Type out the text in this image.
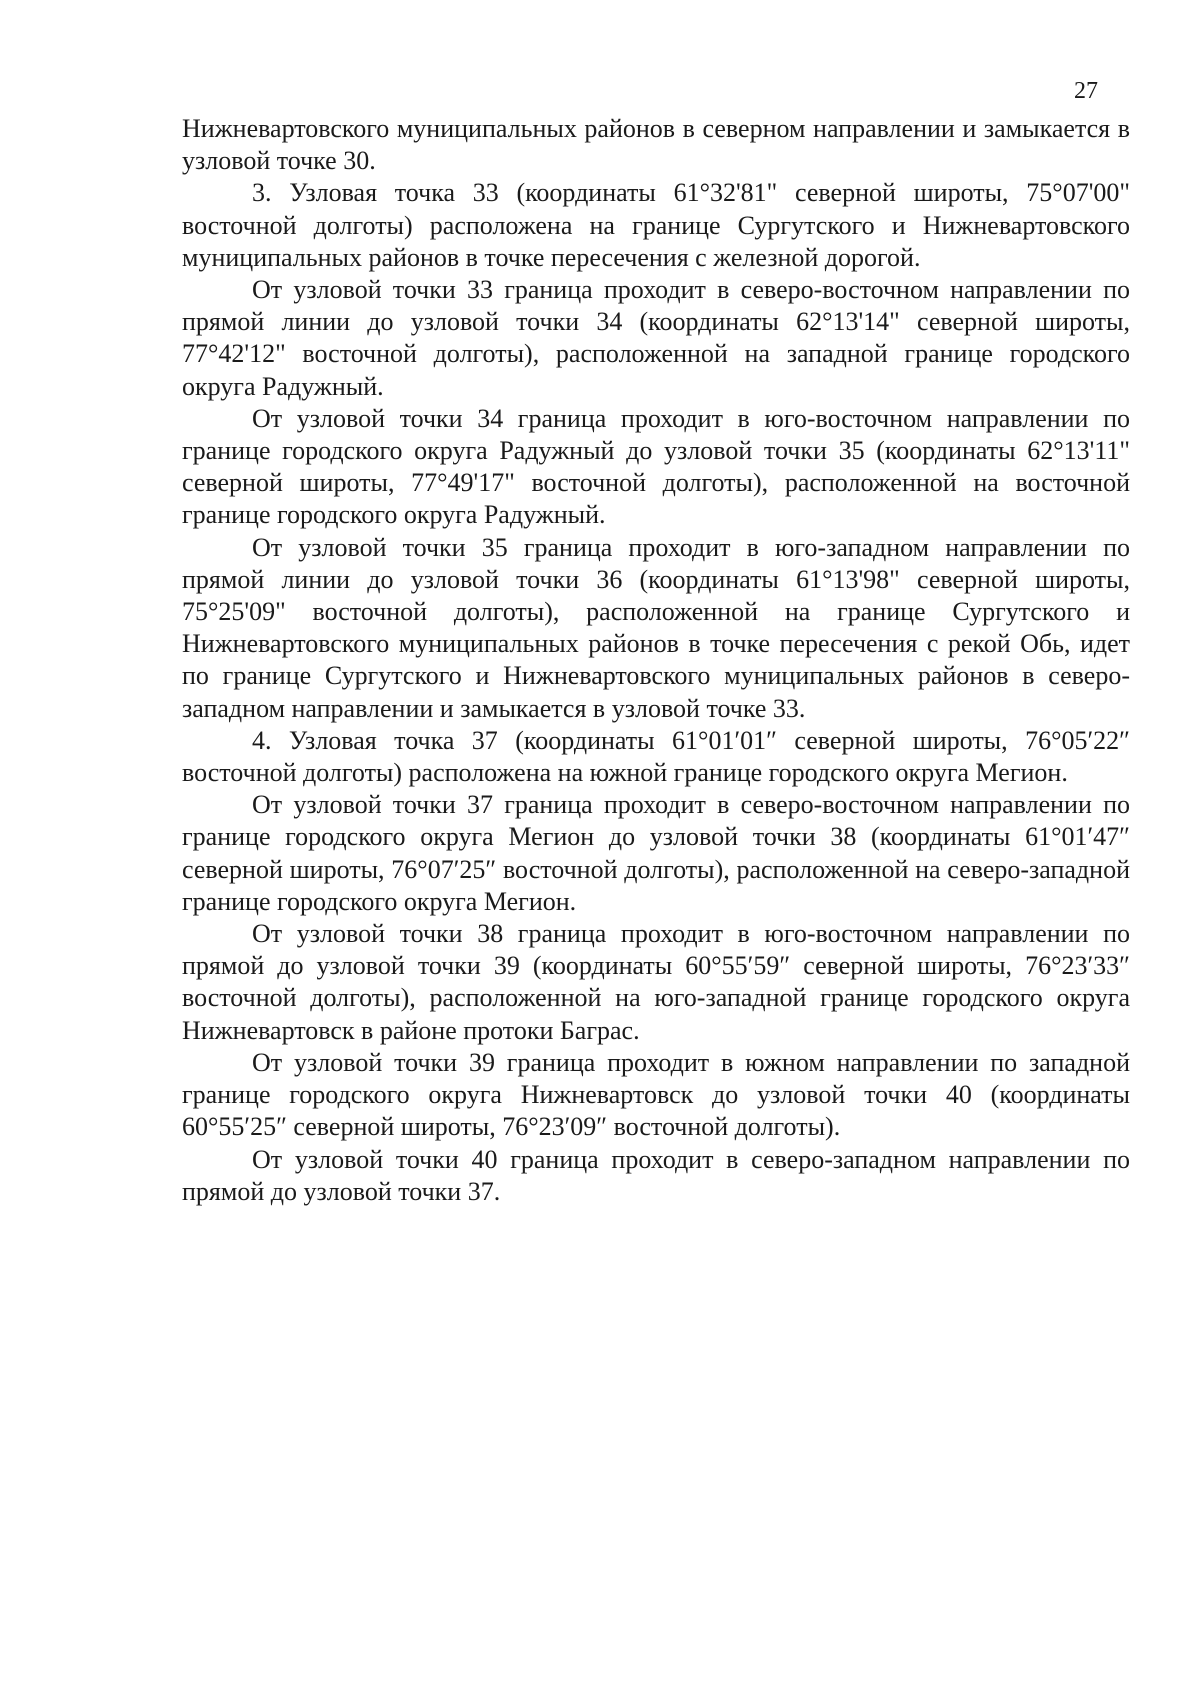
27

Нижневартовского муниципальных районов в северном направлении и замыкается в узловой точке 30.

3. Узловая точка 33 (координаты 61°32'81" северной широты, 75°07'00" восточной долготы) расположена на границе Сургутского и Нижневартовского муниципальных районов в точке пересечения с железной дорогой.

От узловой точки 33 граница проходит в северо-восточном направлении по прямой линии до узловой точки 34 (координаты 62°13'14" северной широты, 77°42'12" восточной долготы), расположенной на западной границе городского округа Радужный.

От узловой точки 34 граница проходит в юго-восточном направлении по границе городского округа Радужный до узловой точки 35 (координаты 62°13'11" северной широты, 77°49'17" восточной долготы), расположенной на восточной границе городского округа Радужный.

От узловой точки 35 граница проходит в юго-западном направлении по прямой линии до узловой точки 36 (координаты 61°13'98" северной широты, 75°25'09" восточной долготы), расположенной на границе Сургутского и Нижневартовского муниципальных районов в точке пересечения с рекой Обь, идет по границе Сургутского и Нижневартовского муниципальных районов в северо-западном направлении и замыкается в узловой точке 33.

4. Узловая точка 37 (координаты 61°01′01″ северной широты, 76°05′22″ восточной долготы) расположена на южной границе городского округа Мегион.

От узловой точки 37 граница проходит в северо-восточном направлении по границе городского округа Мегион до узловой точки 38 (координаты 61°01′47″ северной широты, 76°07′25″ восточной долготы), расположенной на северо-западной границе городского округа Мегион.

От узловой точки 38 граница проходит в юго-восточном направлении по прямой до узловой точки 39 (координаты 60°55′59″ северной широты, 76°23′33″ восточной долготы), расположенной на юго-западной границе городского округа Нижневартовск в районе протоки Баграс.

От узловой точки 39 граница проходит в южном направлении по западной границе городского округа Нижневартовск до узловой точки 40 (координаты 60°55′25″ северной широты, 76°23′09″ восточной долготы).

От узловой точки 40 граница проходит в северо-западном направлении по прямой до узловой точки 37.
